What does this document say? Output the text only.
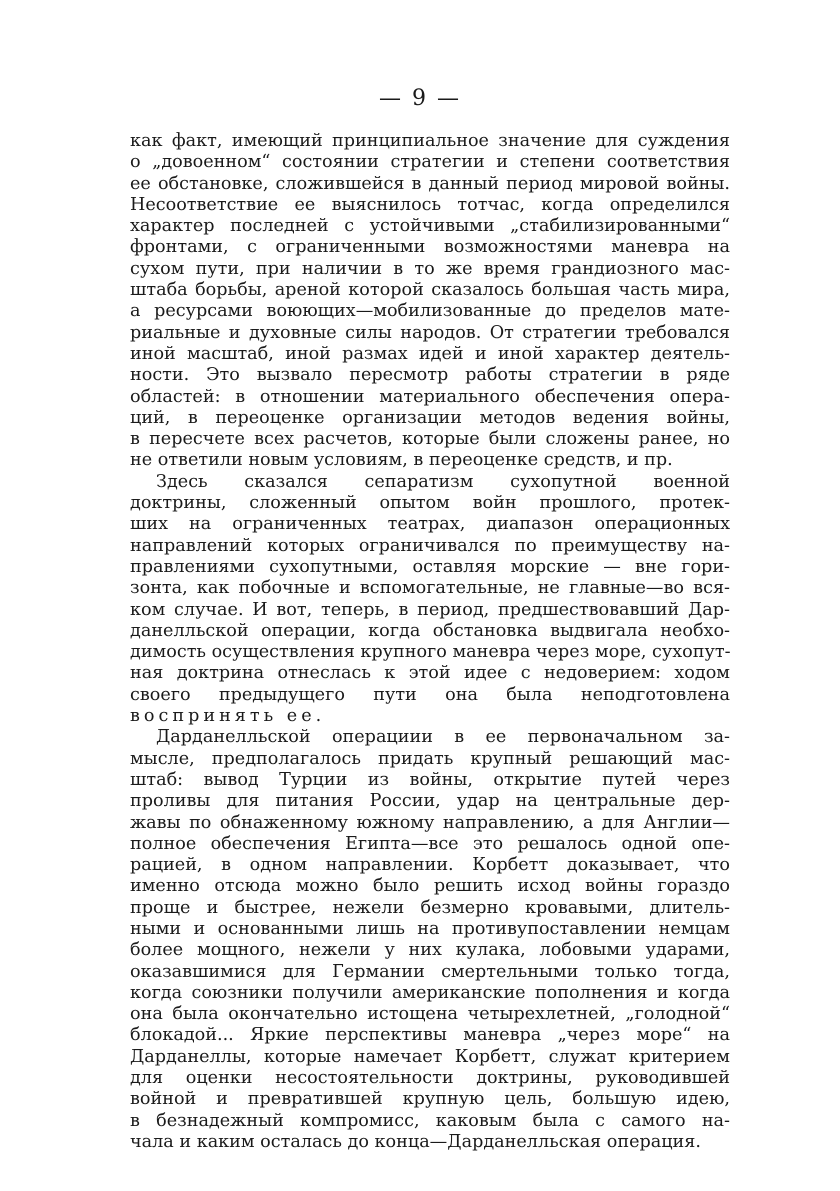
— 9 —
как факт, имеющий принципиальное значение для суждения
о „довоенном“ состоянии стратегии и степени соответствия
ее обстановке, сложившейся в данный период мировой войны.
Несоответствие ее выяснилось тотчас, когда определился
характер последней с устойчивыми „стабилизированными“
фронтами, с ограниченными возможностями маневра на
сухом пути, при наличии в то же время грандиозного мас-
штаба борьбы, ареной которой сказалось большая часть мира,
а ресурсами воюющих—мобилизованные до пределов мате-
риальные и духовные силы народов. От стратегии требовался
иной масштаб, иной размах идей и иной характер деятель-
ности. Это вызвало пересмотр работы стратегии в ряде
областей: в отношении материального обеспечения опера-
ций, в переоценке организации методов ведения войны,
в пересчете всех расчетов, которые были сложены ранее, но
не ответили новым условиям, в переоценке средств, и пр.
Здесь сказался сепаратизм сухопутной военной
доктрины, сложенный опытом войн прошлого, протек-
ших на ограниченных театрах, диапазон операционных
направлений которых ограничивался по преимуществу на-
правлениями сухопутными, оставляя морские — вне гори-
зонта, как побочные и вспомогательные, не главные—во вся-
ком случае. И вот, теперь, в период, предшествовавший Дар-
данелльской операции, когда обстановка выдвигала необхо-
димость осуществления крупного маневра через море, сухопут-
ная доктрина отнеслась к этой идее с недоверием: ходом
своего предыдущего пути она была неподготовлена
воспринять ее.
Дарданелльской операциии в ее первоначальном за-
мысле, предполагалось придать крупный решающий мас-
штаб: вывод Турции из войны, открытие путей через
проливы для питания России, удар на центральные дер-
жавы по обнаженному южному направлению, а для Англии—
полное обеспечения Египта—все это решалось одной опе-
рацией, в одном направлении. Корбетт доказывает, что
именно отсюда можно было решить исход войны гораздо
проще и быстрее, нежели безмерно кровавыми, длитель-
ными и основанными лишь на противупоставлении немцам
более мощного, нежели у них кулака, лобовыми ударами,
оказавшимися для Германии смертельными только тогда,
когда союзники получили американские пополнения и когда
она была окончательно истощена четырехлетней, „голодной“
блокадой... Яркие перспективы маневра „через море“ на
Дарданеллы, которые намечает Корбетт, служат критерием
для оценки несостоятельности доктрины, руководившей
войной и превратившей крупную цель, большую идею,
в безнадежный компромисс, каковым была с самого на-
чала и каким осталась до конца—Дарданелльская операция.
